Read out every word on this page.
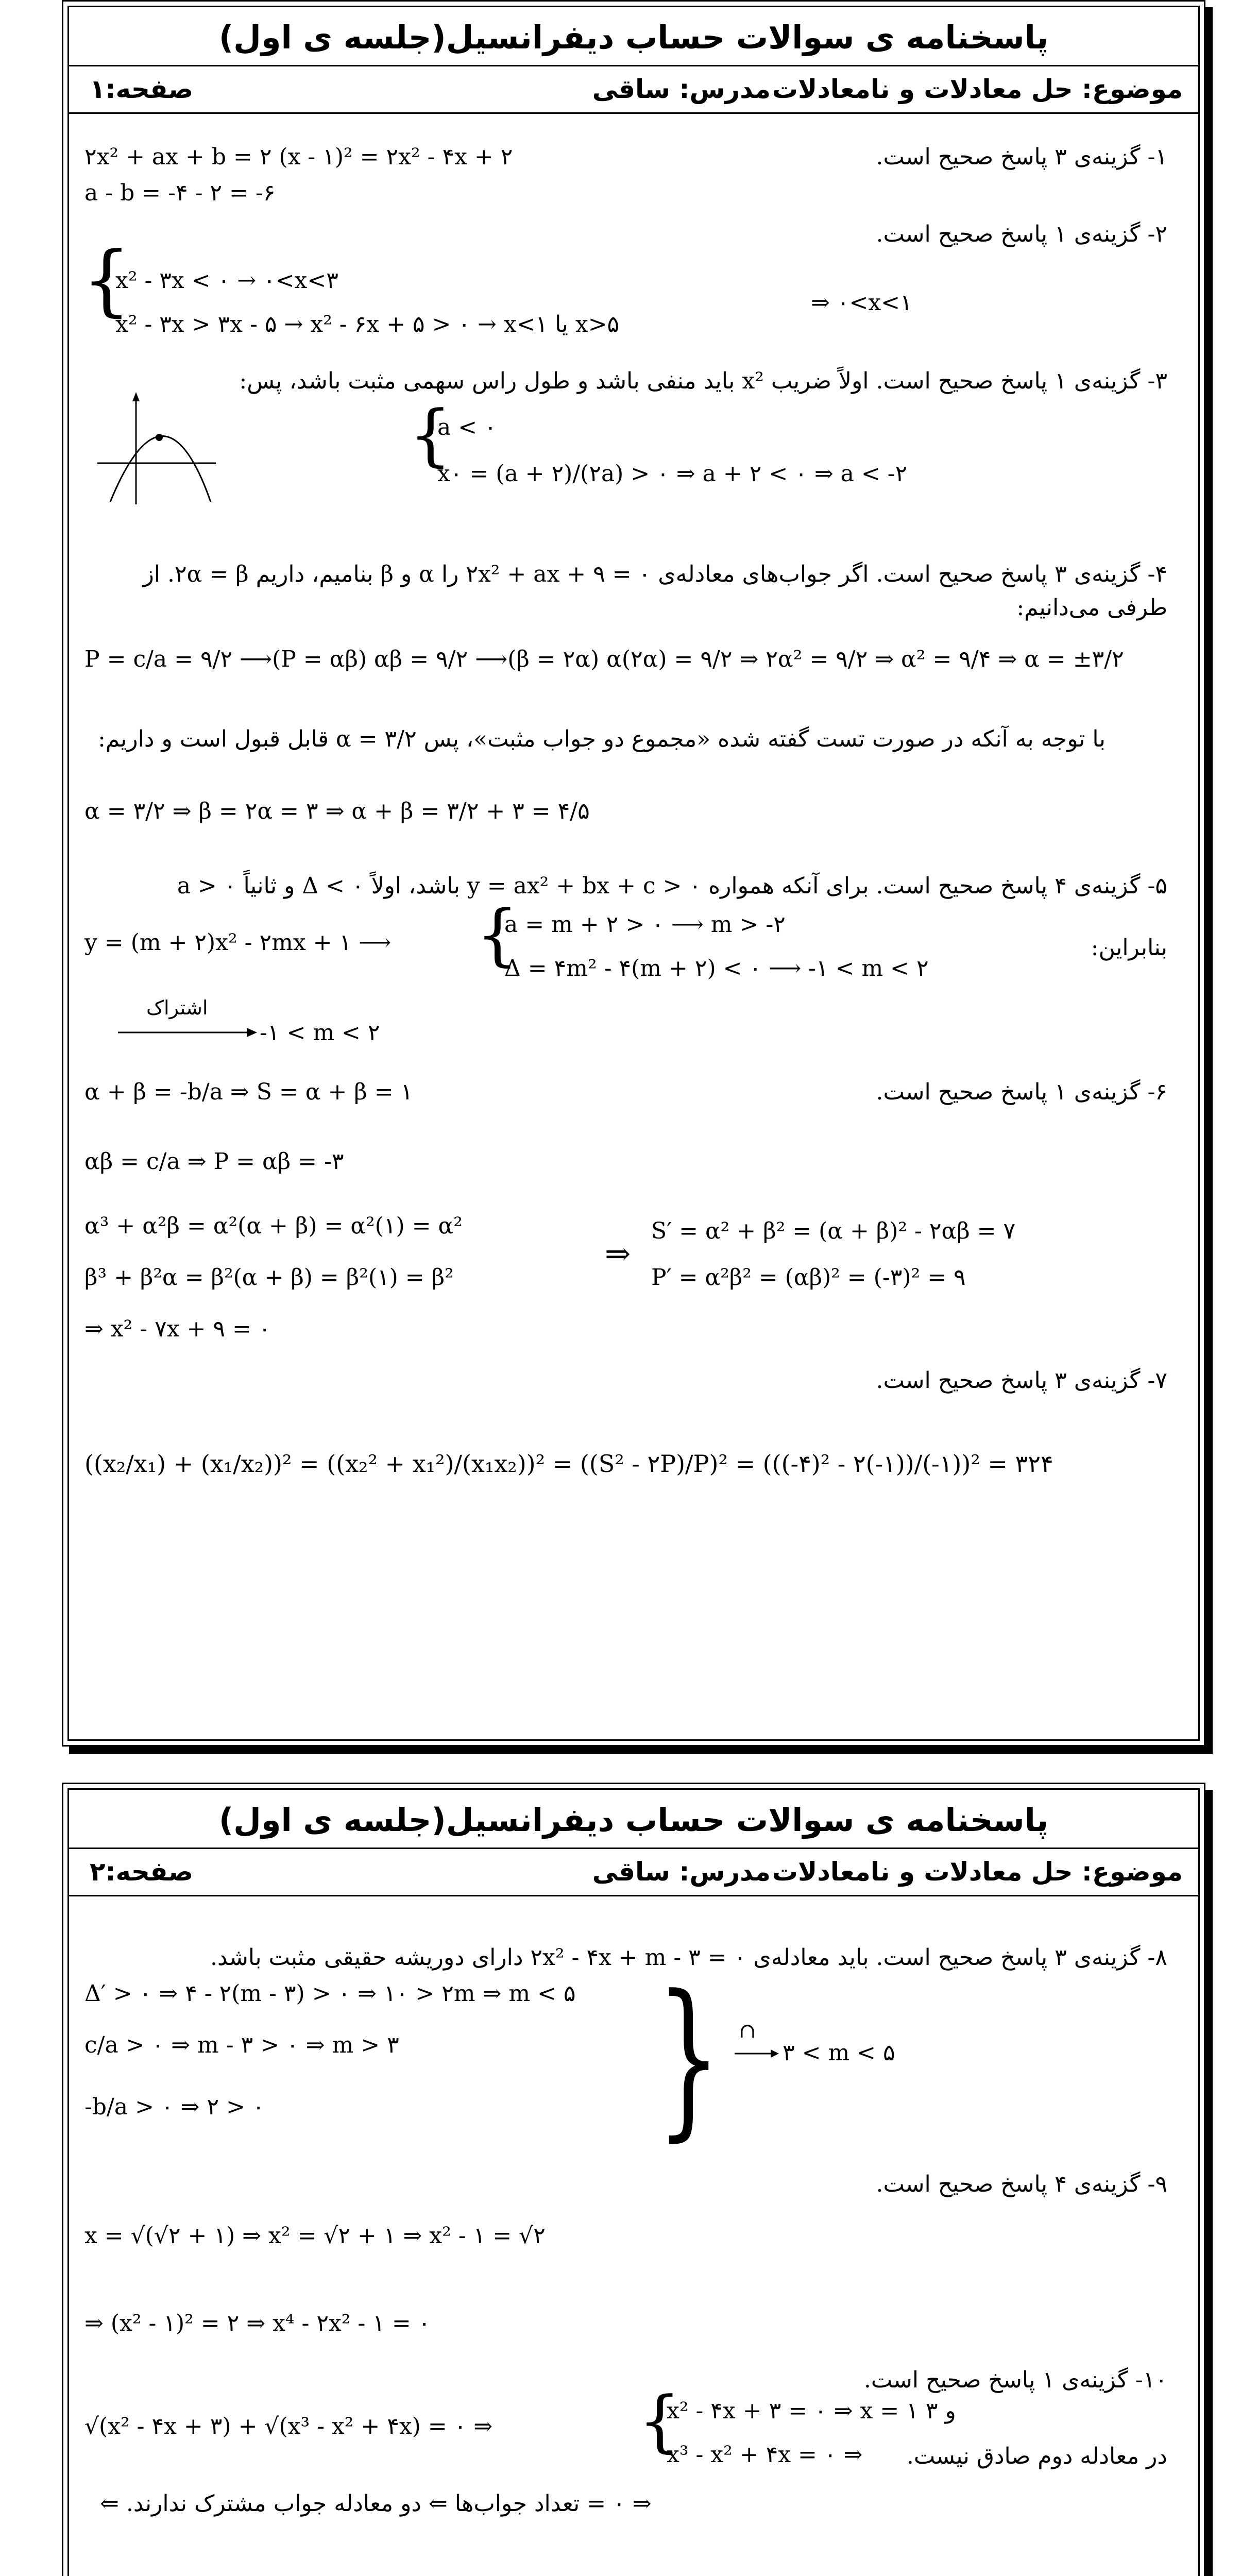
پاسخنامه ی سوالات حساب دیفرانسیل(جلسه ی اول)
موضوع: حل معادلات و نامعادلات
مدرس: ساقی
صفحه:۱
۱- گزینه‌ی ۳ پاسخ صحیح است.
۲x² + ax + b = ۲ (x - ۱)² = ۲x² - ۴x + ۲
a - b = -۴ - ۲ = -۶
۲- گزینه‌ی ۱ پاسخ صحیح است.
{
x² - ۳x < ۰ → ۰<x<۳
x² - ۳x > ۳x - ۵ → x² - ۶x + ۵ > ۰ → x<۱ یا x>۵
⇒ ۰<x<۱
۳- گزینه‌ی ۱ پاسخ صحیح است. اولاً ضریب x² باید منفی باشد و طول راس سهمی مثبت باشد، پس:
{
a < ۰
x۰ = (a + ۲)/(۲a) > ۰ ⇒ a + ۲ < ۰ ⇒ a < -۲
۴- گزینه‌ی ۳ پاسخ صحیح است. اگر جواب‌های معادله‌ی ۲x² + ax + ۹ = ۰ را α و β بنامیم، داریم ۲α = β. از
طرفی می‌دانیم:
P = c/a = ۹/۲ ⟶(P = αβ) αβ = ۹/۲ ⟶(β = ۲α) α(۲α) = ۹/۲ ⇒ ۲α² = ۹/۲ ⇒ α² = ۹/۴ ⇒ α = ±۳/۲
با توجه به آنکه در صورت تست گفته شده «مجموع دو جواب مثبت»، پس α = ۳/۲ قابل قبول است و داریم:
α = ۳/۲ ⇒ β = ۲α = ۳ ⇒ α + β = ۳/۲ + ۳ = ۴/۵
۵- گزینه‌ی ۴ پاسخ صحیح است. برای آنکه همواره y = ax² + bx + c > ۰ باشد، اولاً Δ < ۰ و ثانیاً a > ۰
بنابراین:
y = (m + ۲)x² - ۲mx + ۱ ⟶ {
a = m + ۲ > ۰ ⟶ m > -۲
Δ = ۴m² - ۴(m + ۲) < ۰ ⟶ -۱ < m < ۲
اشتراک
-۱ < m < ۲
۶- گزینه‌ی ۱ پاسخ صحیح است.
α + β = -b/a ⇒ S = α + β = ۱
αβ = c/a ⇒ P = αβ = -۳
α³ + α²β = α²(α + β) = α²(۱) = α²
β³ + β²α = β²(α + β) = β²(۱) = β²
⇒
S′ = α² + β² = (α + β)² - ۲αβ = ۷
P′ = α²β² = (αβ)² = (-۳)² = ۹
⇒ x² - ۷x + ۹ = ۰
۷- گزینه‌ی ۳ پاسخ صحیح است.
((x₂/x₁) + (x₁/x₂))² = ((x₂² + x₁²)/(x₁x₂))² = ((S² - ۲P)/P)² = (((-۴)² - ۲(-۱))/(-۱))² = ۳۲۴
پاسخنامه ی سوالات حساب دیفرانسیل(جلسه ی اول)
موضوع: حل معادلات و نامعادلات
مدرس: ساقی
صفحه:۲
۸- گزینه‌ی ۳ پاسخ صحیح است. باید معادله‌ی ۲x² - ۴x + m - ۳ = ۰ دارای دوریشه حقیقی مثبت باشد.
Δ′ > ۰ ⇒ ۴ - ۲(m - ۳) > ۰ ⇒ ۱۰ > ۲m ⇒ m < ۵
c/a > ۰ ⇒ m - ۳ > ۰ ⇒ m > ۳
-b/a > ۰ ⇒ ۲ > ۰ } ∩
۳ < m < ۵
۹- گزینه‌ی ۴ پاسخ صحیح است.
x = √(√۲ + ۱) ⇒ x² = √۲ + ۱ ⇒ x² - ۱ = √۲
⇒ (x² - ۱)² = ۲ ⇒ x⁴ - ۲x² - ۱ = ۰
۱۰- گزینه‌ی ۱ پاسخ صحیح است.
√(x² - ۴x + ۳) + √(x³ - x² + ۴x) = ۰ ⇒ {
x² - ۴x + ۳ = ۰ ⇒ x = ۱ و ۳
x³ - x² + ۴x = ۰ ⇒ در معادله دوم صادق نیست.
⇒ ۰ = تعداد جواب‌ها ⇐ دو معادله جواب مشترک ندارند. ⇐
